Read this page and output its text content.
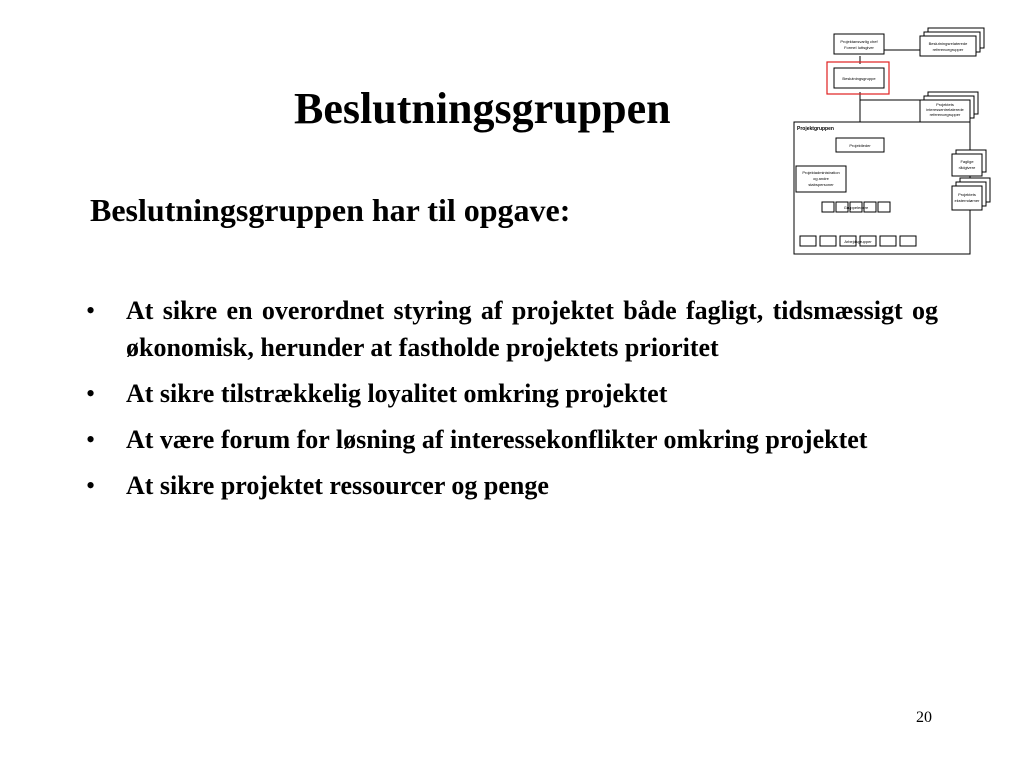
Beslutningsgruppen
Beslutningsgruppen har til opgave:
• At sikre en overordnet styring af projektet både fagligt, tidsmæssigt og økonomisk, herunder at fastholde projektets prioritet
• At sikre tilstrækkelig loyalitet omkring projektet
• At være forum for løsning af interessekonflikter omkring projektet
• At sikre projektet ressourcer og penge
20
Projektansvarlig chef
Formel Iuttsgiver
Beslutningsrelaterede
referencegrupper
Beslutningsgruppe
Projektets
interessentrelaterede
referencegrupper
Projektleder
Projektadministration
og andre
stabspersoner
Faglige
rådgivere
Projektets
eksterndørner
Gruppeledere
Arbejdsgrupper
Projektgruppen
